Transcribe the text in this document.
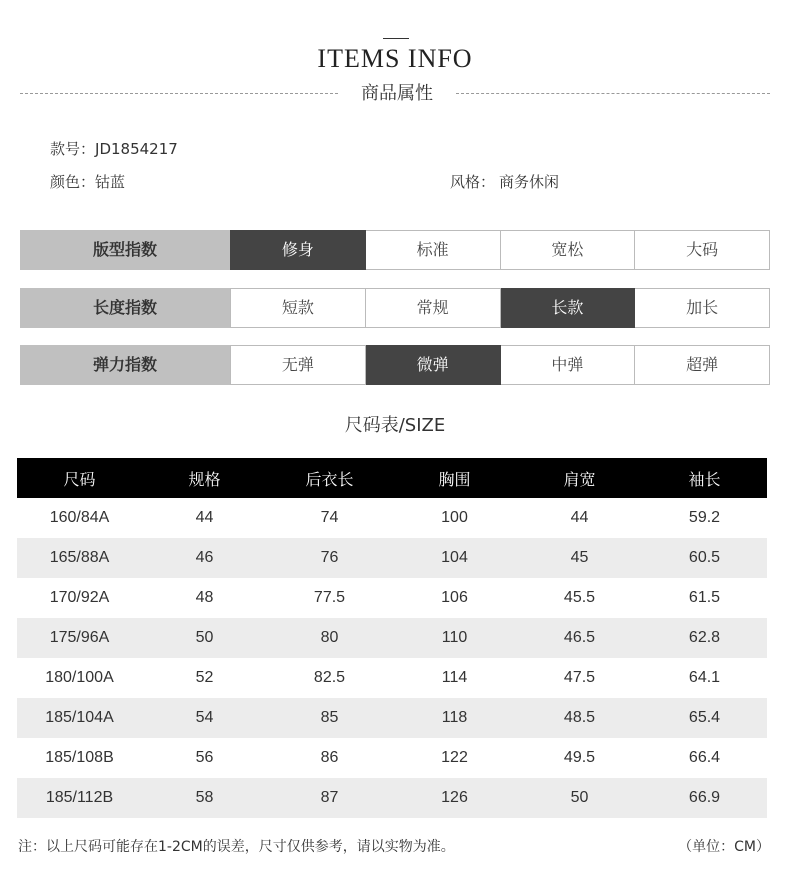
ITEMS INFO
商品属性
款号：JD1854217
颜色：钴蓝	风格： 商务休闲
版型指数	修身	标准	宽松	大码
长度指数	短款	常规	长款	加长
弹力指数	无弹	微弹	中弹	超弹
尺码表/SIZE
尺码	规格	后衣长	胸围	肩宽	袖长
160/84A	44	74	100	44	59.2
165/88A	46	76	104	45	60.5
170/92A	48	77.5	106	45.5	61.5
175/96A	50	80	110	46.5	62.8
180/100A	52	82.5	114	47.5	64.1
185/104A	54	85	118	48.5	65.4
185/108B	56	86	122	49.5	66.4
185/112B	58	87	126	50	66.9
注：以上尺码可能存在1-2CM的误差，尺寸仅供参考，请以实物为准。	（单位：CM）
